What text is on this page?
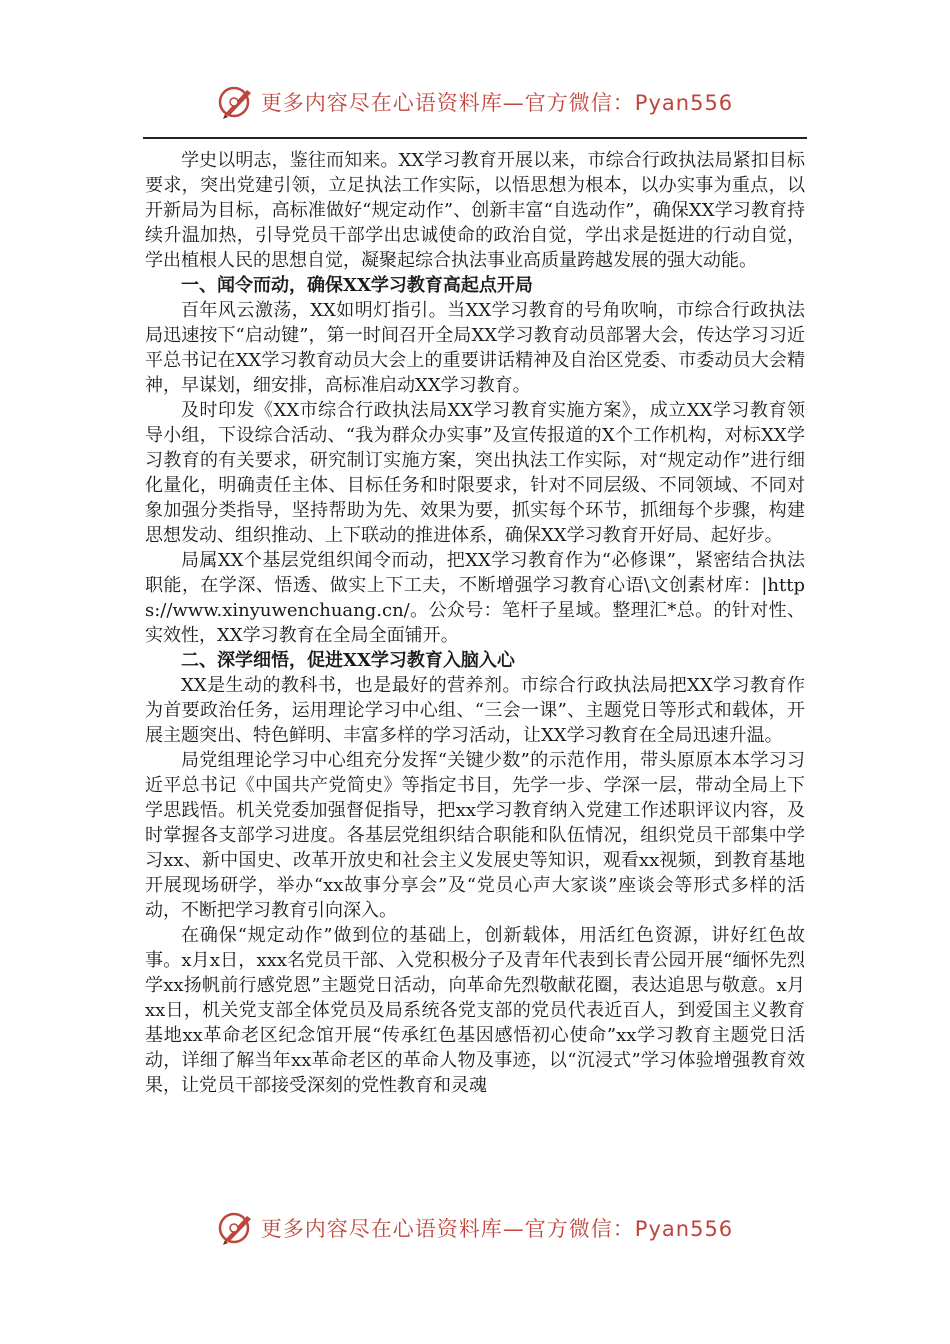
更多内容尽在心语资料库—官方微信：Pyan556

学史以明志，鉴往而知来。XX学习教育开展以来，市综合行政执法局紧扣目标要求，突出党建引领，立足执法工作实际，以悟思想为根本，以办实事为重点，以开新局为目标，高标准做好“规定动作”、创新丰富“自选动作”，确保XX学习教育持续升温加热，引导党员干部学出忠诚使命的政治自觉，学出求是挺进的行动自觉，学出植根人民的思想自觉，凝聚起综合执法事业高质量跨越发展的强大动能。

一、闻令而动，确保XX学习教育高起点开局

百年风云激荡，XX如明灯指引。当XX学习教育的号角吹响，市综合行政执法局迅速按下“启动键”，第一时间召开全局XX学习教育动员部署大会，传达学习习近平总书记在XX学习教育动员大会上的重要讲话精神及自治区党委、市委动员大会精神，早谋划，细安排，高标准启动XX学习教育。

及时印发《XX市综合行政执法局XX学习教育实施方案》，成立XX学习教育领导小组，下设综合活动、“我为群众办实事”及宣传报道的X个工作机构，对标XX学习教育的有关要求，研究制订实施方案，突出执法工作实际，对“规定动作”进行细化量化，明确责任主体、目标任务和时限要求，针对不同层级、不同领域、不同对象加强分类指导，坚持帮助为先、效果为要，抓实每个环节，抓细每个步骤，构建思想发动、组织推动、上下联动的推进体系，确保XX学习教育开好局、起好步。

局属XX个基层党组织闻令而动，把XX学习教育作为“必修课”，紧密结合执法职能，在学深、悟透、做实上下工夫，不断增强学习教育心语\文创素材库：|https://www.xinyuwenchuang.cn/。公众号：笔杆子星域。整理汇*总。的针对性、实效性，XX学习教育在全局全面铺开。

二、深学细悟，促进XX学习教育入脑入心

XX是生动的教科书，也是最好的营养剂。市综合行政执法局把XX学习教育作为首要政治任务，运用理论学习中心组、“三会一课”、主题党日等形式和载体，开展主题突出、特色鲜明、丰富多样的学习活动，让XX学习教育在全局迅速升温。

局党组理论学习中心组充分发挥“关键少数”的示范作用，带头原原本本学习习近平总书记《中国共产党简史》等指定书目，先学一步、学深一层，带动全局上下学思践悟。机关党委加强督促指导，把xx学习教育纳入党建工作述职评议内容，及时掌握各支部学习进度。各基层党组织结合职能和队伍情况，组织党员干部集中学习xx、新中国史、改革开放史和社会主义发展史等知识，观看xx视频，到教育基地开展现场研学，举办“xx故事分享会”及“党员心声大家谈”座谈会等形式多样的活动，不断把学习教育引向深入。

在确保“规定动作”做到位的基础上，创新载体，用活红色资源，讲好红色故事。x月x日，xxx名党员干部、入党积极分子及青年代表到长青公园开展“缅怀先烈学xx扬帆前行感党恩”主题党日活动，向革命先烈敬献花圈，表达追思与敬意。x月xx日，机关党支部全体党员及局系统各党支部的党员代表近百人，到爱国主义教育基地xx革命老区纪念馆开展“传承红色基因感悟初心使命”xx学习教育主题党日活动，详细了解当年xx革命老区的革命人物及事迹，以“沉浸式”学习体验增强教育效果，让党员干部接受深刻的党性教育和灵魂

更多内容尽在心语资料库—官方微信：Pyan556
